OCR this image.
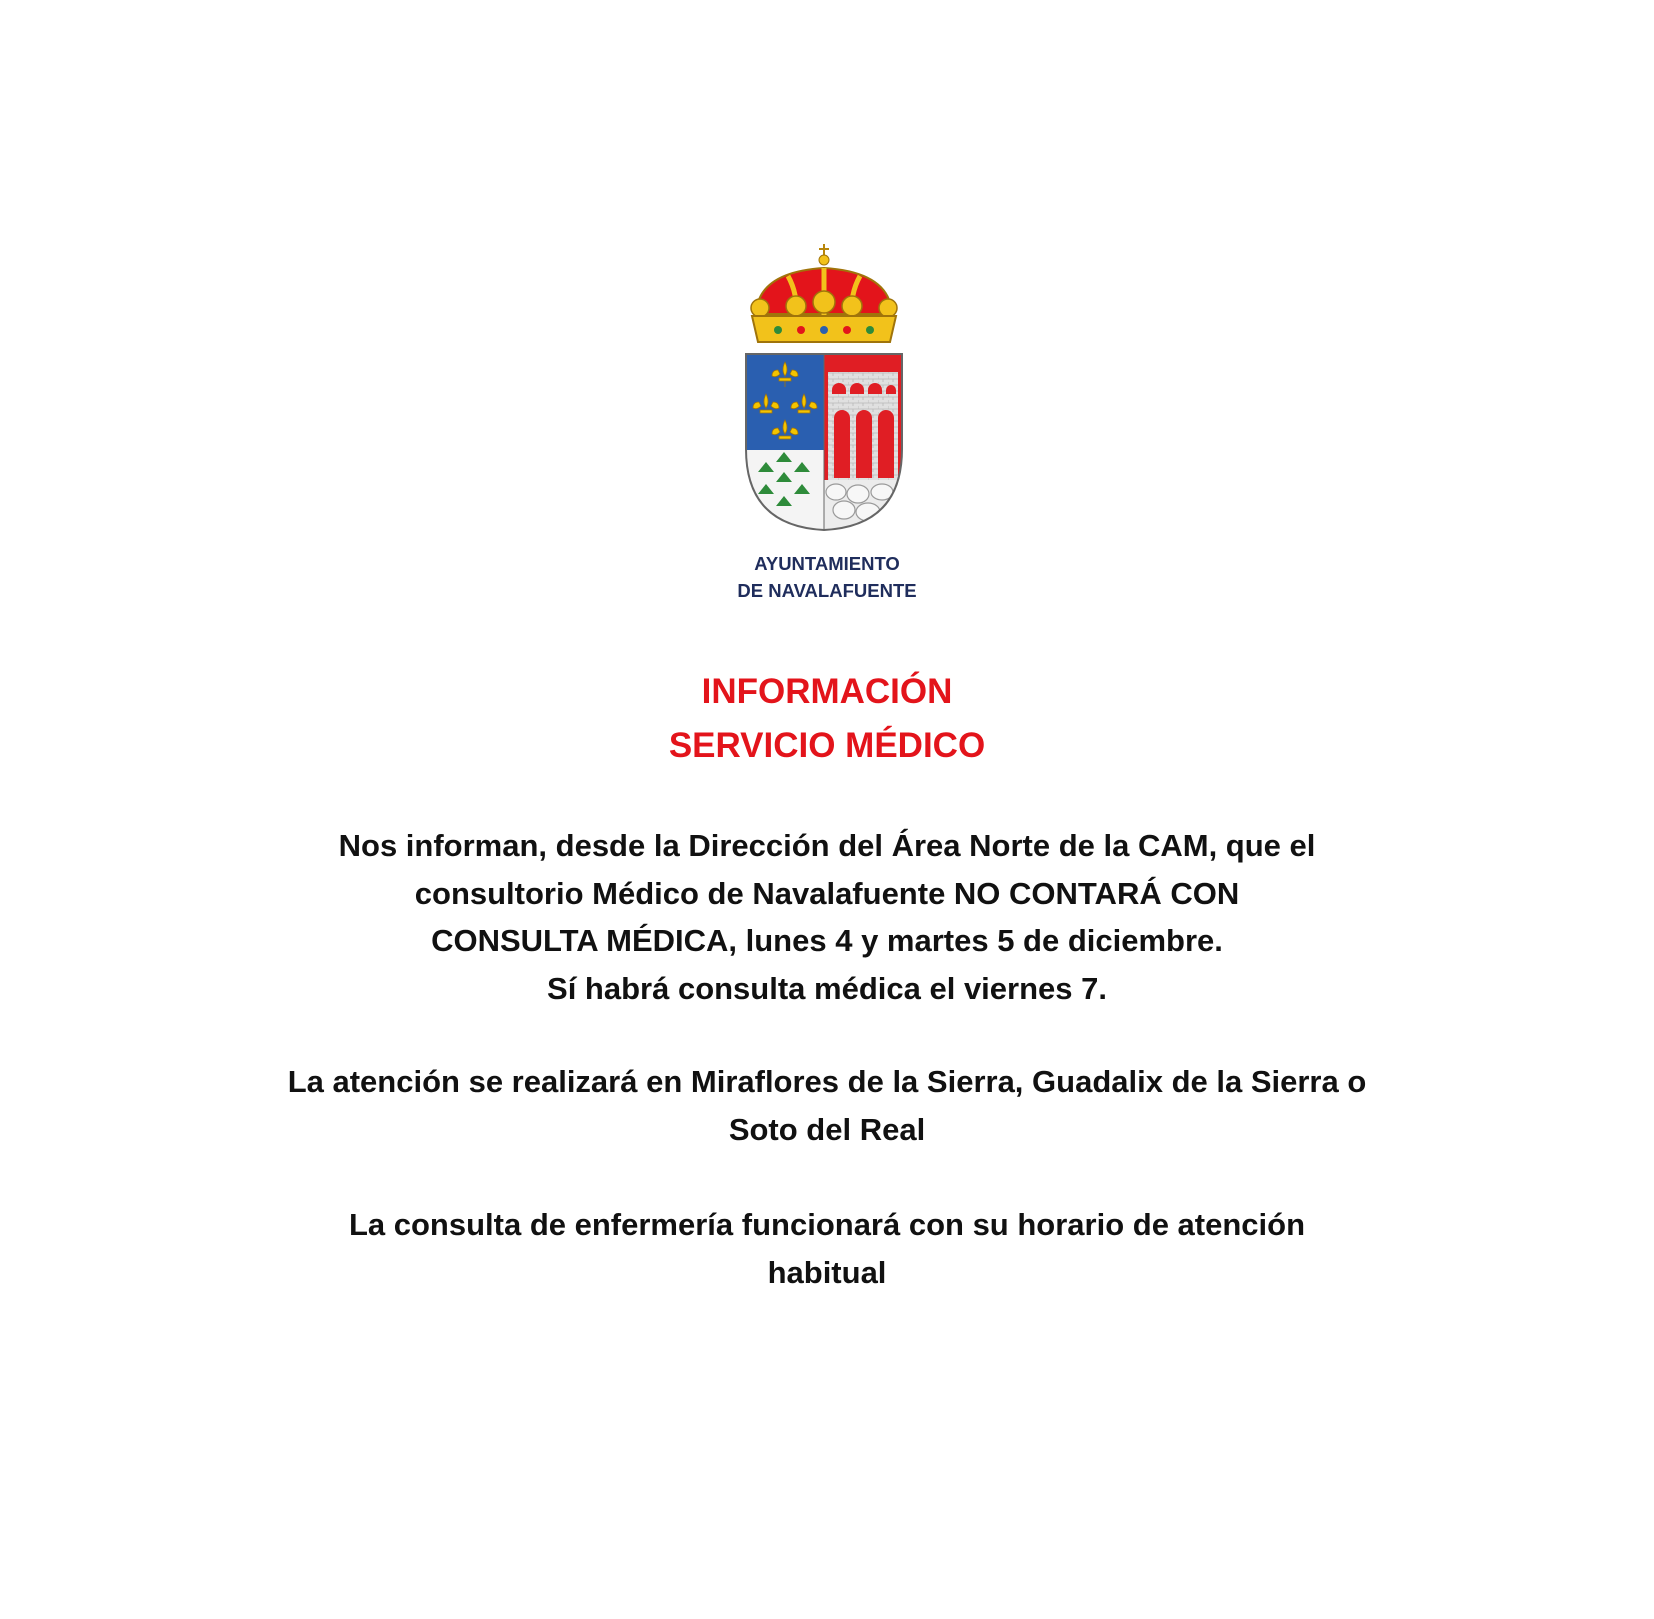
AYUNTAMIENTO
DE NAVALAFUENTE
INFORMACIÓN
SERVICIO MÉDICO
Nos informan, desde la Dirección del Área Norte de la CAM, que el
consultorio Médico de Navalafuente NO CONTARÁ CON
CONSULTA MÉDICA, lunes 4 y martes 5 de diciembre.
Sí habrá consulta médica el viernes 7.
La atención se realizará en Miraflores de la Sierra, Guadalix de la Sierra o
Soto del Real
La consulta de enfermería funcionará con su horario de atención
habitual
